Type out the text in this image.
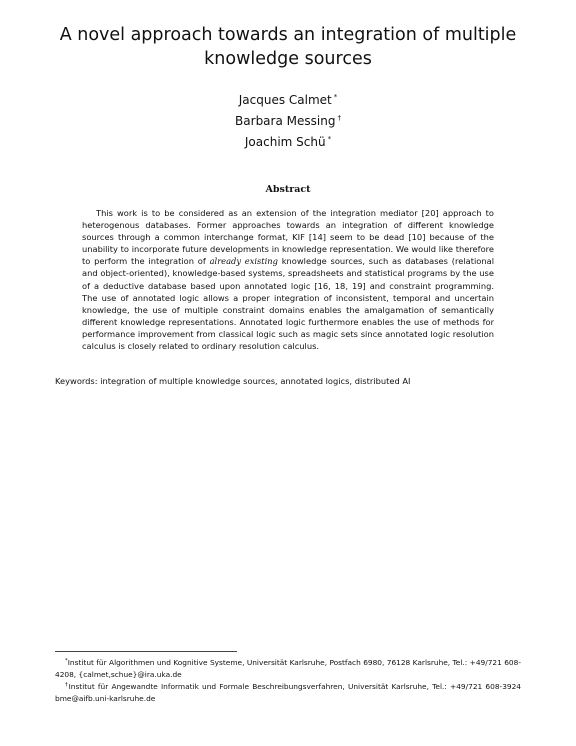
A novel approach towards an integration of multiple knowledge sources
Jacques Calmet *
Barbara Messing †
Joachim Schü *
Abstract

This work is to be considered as an extension of the integration mediator [20] approach to heterogenous databases. Former approaches towards an integration of different knowledge sources through a common interchange format, KIF [14] seem to be dead [10] because of the unability to incorporate future developments in knowledge representation. We would like therefore to perform the integration of already existing knowledge sources, such as databases (relational and object-oriented), knowledge-based systems, spreadsheets and statistical programs by the use of a deductive database based upon annotated logic [16, 18, 19] and constraint programming. The use of annotated logic allows a proper integration of inconsistent, temporal and uncertain knowledge, the use of multiple constraint domains enables the amalgamation of semantically different knowledge representations. Annotated logic furthermore enables the use of methods for performance improvement from classical logic such as magic sets since annotated logic resolution calculus is closely related to ordinary resolution calculus.

Keywords: integration of multiple knowledge sources, annotated logics, distributed AI

*Institut für Algorithmen und Kognitive Systeme, Universität Karlsruhe, Postfach 6980, 76128 Karlsruhe, Tel.: +49/721 608-4208, {calmet,schue}@ira.uka.de

†Institut für Angewandte Informatik und Formale Beschreibungsverfahren, Universität Karlsruhe, Tel.: +49/721 608-3924 bme@aifb.uni-karlsruhe.de
